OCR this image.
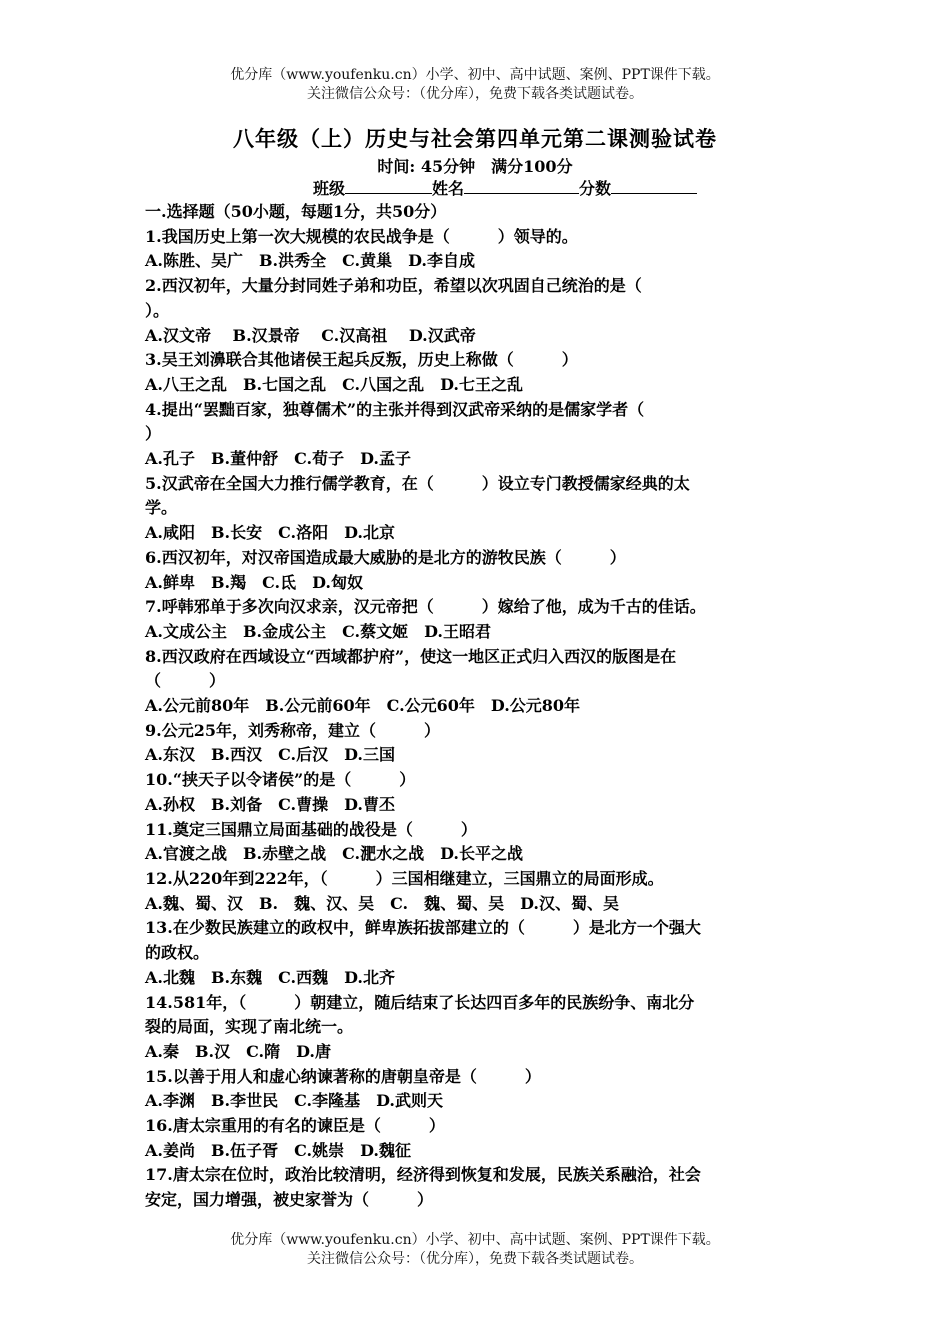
优分库（www.youfenku.cn）小学、初中、高中试题、案例、PPT课件下载。
关注微信公众号：（优分库），免费下载各类试题试卷。
八年级（上）历史与社会第四单元第二课测验试卷
时间: 45分钟　满分100分
班级	姓名	分数
一.选择题（50小题，每题1分，共50分）
1.我国历史上第一次大规模的农民战争是（　　　）领导的。
A.陈胜、吴广　B.洪秀全　C.黄巢　D.李自成
2.西汉初年，大量分封同姓子弟和功臣，希望以次巩固自己统治的是（
）。
A.汉文帝　 B.汉景帝　 C.汉高祖　 D.汉武帝
3.吴王刘濞联合其他诸侯王起兵反叛，历史上称做（　　　）
A.八王之乱　B.七国之乱　C.八国之乱　D.七王之乱
4.提出“罢黜百家，独尊儒术”的主张并得到汉武帝采纳的是儒家学者（
）
A.孔子　B.董仲舒　C.荀子　D.孟子
5.汉武帝在全国大力推行儒学教育，在（　　　）设立专门教授儒家经典的太
学。
A.咸阳　B.长安　C.洛阳　D.北京
6.西汉初年，对汉帝国造成最大威胁的是北方的游牧民族（　　　）
A.鲜卑　B.羯　C.氐　D.匈奴
7.呼韩邪单于多次向汉求亲，汉元帝把（　　　）嫁给了他，成为千古的佳话。
A.文成公主　B.金成公主　C.蔡文姬　D.王昭君
8.西汉政府在西域设立“西域都护府”，使这一地区正式归入西汉的版图是在
（　　　）
A.公元前80年　B.公元前60年　C.公元60年　D.公元80年
9.公元25年，刘秀称帝，建立（　　　）
A.东汉　B.西汉　C.后汉　D.三国
10.“挟天子以令诸侯”的是（　　　）
A.孙权　B.刘备　C.曹操　D.曹丕
11.奠定三国鼎立局面基础的战役是（　　　）
A.官渡之战　B.赤壁之战　C.淝水之战　D.长平之战
12.从220年到222年，（　　　）三国相继建立，三国鼎立的局面形成。
A.魏、蜀、汉　B.　魏、汉、吴　C.　魏、蜀、吴　D.汉、蜀、吴
13.在少数民族建立的政权中，鲜卑族拓拔部建立的（　　　）是北方一个强大
的政权。
A.北魏　B.东魏　C.西魏　D.北齐
14.581年，（　　　）朝建立，随后结束了长达四百多年的民族纷争、南北分
裂的局面，实现了南北统一。
A.秦　B.汉　C.隋　D.唐
15.以善于用人和虚心纳谏著称的唐朝皇帝是（　　　）
A.李渊　B.李世民　C.李隆基　D.武则天
16.唐太宗重用的有名的谏臣是（　　　）
A.姜尚　B.伍子胥　C.姚崇　D.魏征
17.唐太宗在位时，政治比较清明，经济得到恢复和发展，民族关系融洽，社会
安定，国力增强，被史家誉为（　　　）
优分库（www.youfenku.cn）小学、初中、高中试题、案例、PPT课件下载。
关注微信公众号：（优分库），免费下载各类试题试卷。
